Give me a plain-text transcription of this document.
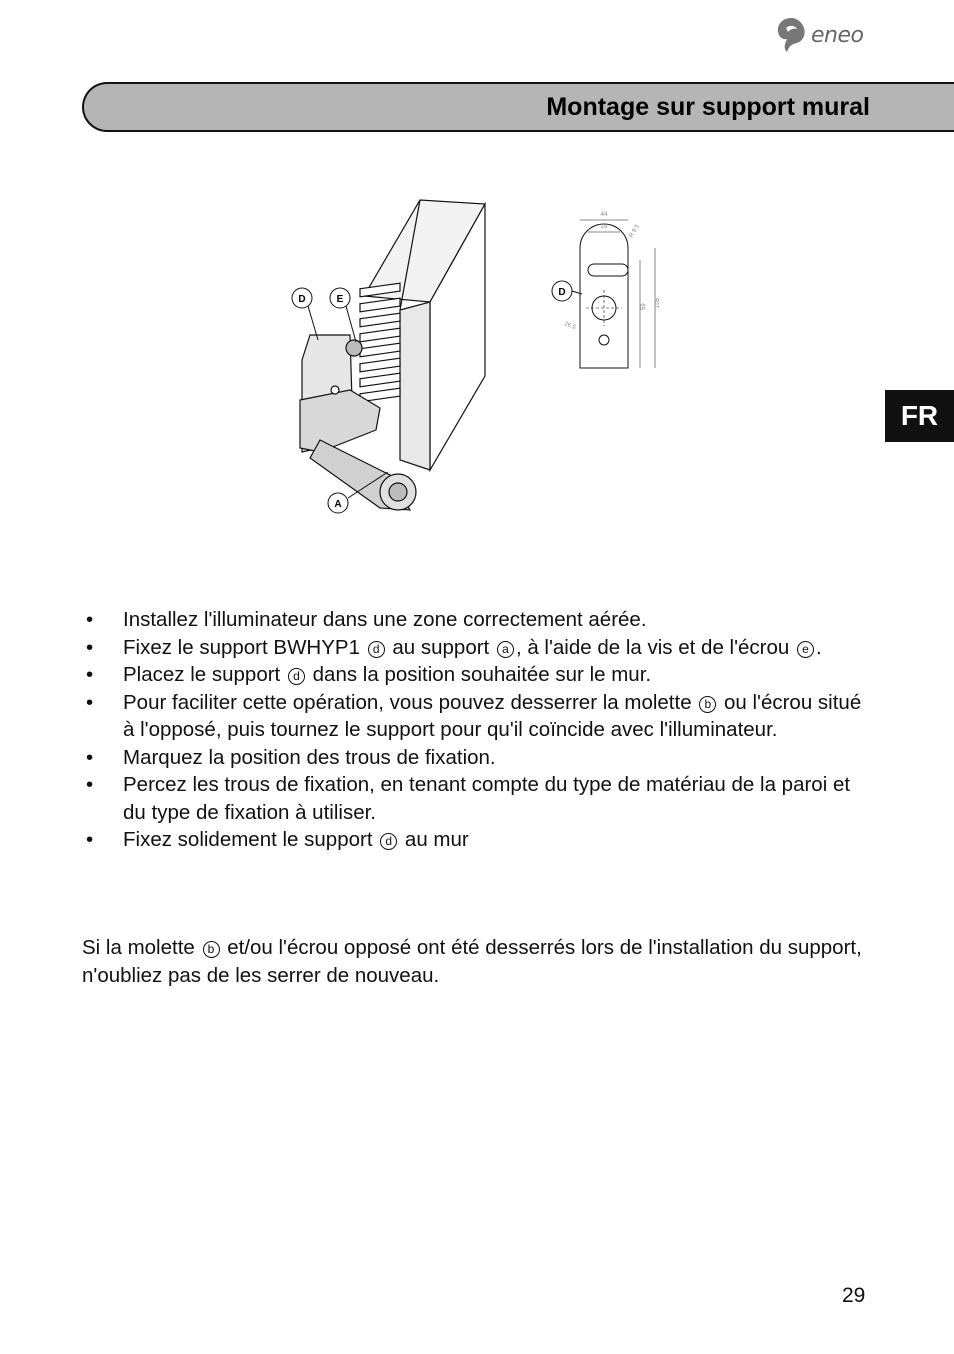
eneo
Montage sur support mural
FR
D	E
A
D
44
28	R 8.5
59 105
26.5
• Installez l'illuminateur dans une zone correctement aérée.
• Fixez le support BWHYP1 d au support a , à l'aide de la vis et de l'écrou e .
• Placez le support d dans la position souhaitée sur le mur.
• Pour faciliter cette opération, vous pouvez desserrer la molette b ou l'écrou situé à l'opposé, puis tournez le support pour qu'il coïncide avec l'illuminateur.
• Marquez la position des trous de fixation.
• Percez les trous de fixation, en tenant compte du type de matériau de la paroi et du type de fixation à utiliser.
• Fixez solidement le support d au mur

Si la molette b et/ou l'écrou opposé ont été desserrés lors de l'installation du support, n'oubliez pas de les serrer de nouveau.

29
